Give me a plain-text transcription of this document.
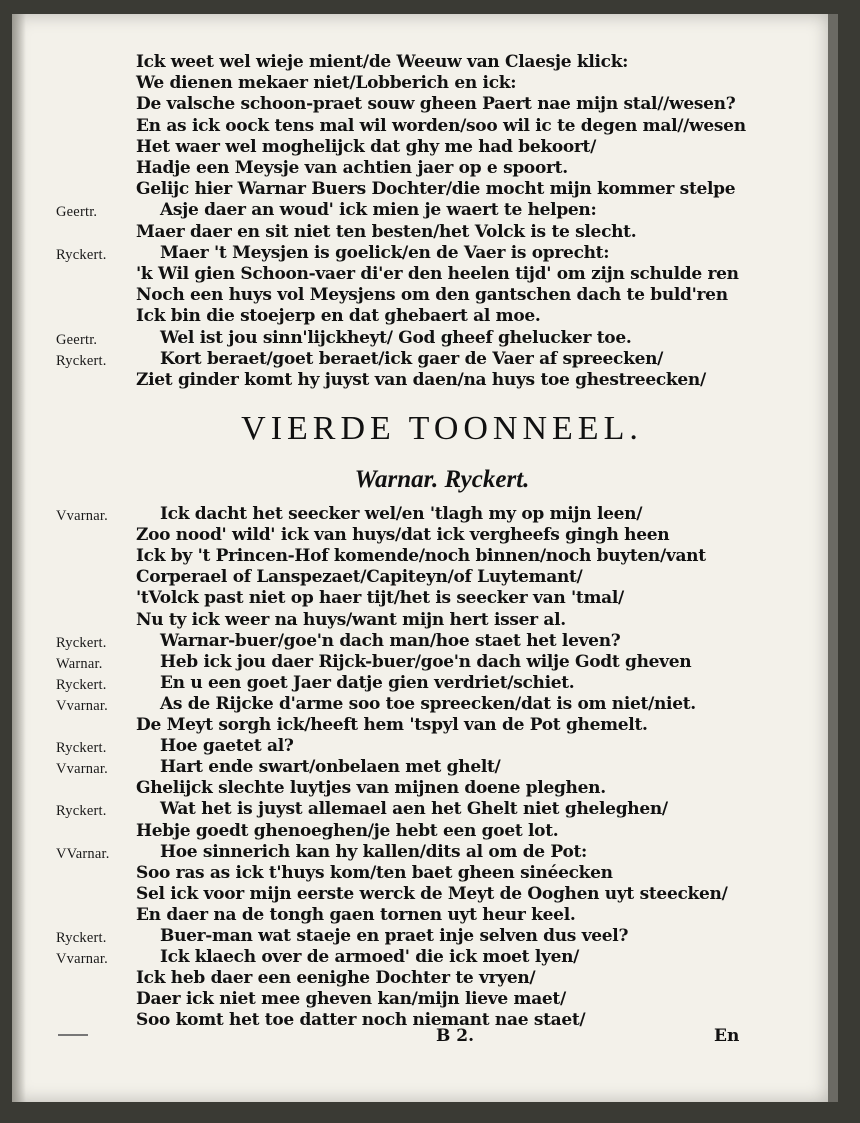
Ick weet wel wieje mient/de Weeuw van Claesje klick:
We dienen mekaer niet/Lobberich en ick:
De valsche schoon-praet souw gheen Paert nae mijn stal//wesen?
En as ick oock tens mal wil worden/soo wil ic te degen mal//wesen
Het waer wel moghelijck dat ghy me had bekoort/
Hadje een Meysje van achtien jaer op e spoort.
Gelijc hier Warnar Buers Dochter/die mocht mijn kommer stelpe
Geertr.	Asje daer an woud' ick mien je waert te helpen:
Maer daer en sit niet ten besten/het Volck is te slecht.
Ryckert.	Maer 't Meysjen is goelick/en de Vaer is oprecht:
'k Wil gien Schoon-vaer di'er den heelen tijd' om zijn schulde ren
Noch een huys vol Meysjens om den gantschen dach te buld'ren
Ick bin die stoejerp en dat ghebaert al moe.
Geertr.	Wel ist jou sinn'lijckheyt/ God gheef ghelucker toe.
Ryckert.	Kort beraet/goet beraet/ick gaer de Vaer af spreecken/
Ziet ginder komt hy juyst van daen/na huys toe ghestreecken/
VIERDE TOONNEEL.
Warnar. Ryckert.
Vvarnar.	Ick dacht het seecker wel/en 'tlagh my op mijn leen/
Zoo nood' wild' ick van huys/dat ick vergheefs gingh heen
Ick by 't Princen-Hof komende/noch binnen/noch buyten/vant
Corperael of Lanspezaet/Capiteyn/of Luytemant/
'tVolck past niet op haer tijt/het is seecker van 'tmal/
Nu ty ick weer na huys/want mijn hert isser al.
Ryckert.	Warnar-buer/goe'n dach man/hoe staet het leven?
Warnar.	Heb ick jou daer Rijck-buer/goe'n dach wilje Godt gheven
Ryckert.	En u een goet Jaer datje gien verdriet/schiet.
Vvarnar.	As de Rijcke d'arme soo toe spreecken/dat is om niet/niet.
De Meyt sorgh ick/heeft hem 'tspyl van de Pot ghemelt.
Ryckert.	Hoe gaetet al?
Vvarnar.	Hart ende swart/onbelaen met ghelt/
Ghelijck slechte luytjes van mijnen doene pleghen.
Ryckert.	Wat het is juyst allemael aen het Ghelt niet gheleghen/
Hebje goedt ghenoeghen/je hebt een goet lot.
VVarnar.	Hoe sinnerich kan hy kallen/dits al om de Pot:
Soo ras as ick t'huys kom/ten baet gheen sinéecken
Sel ick voor mijn eerste werck de Meyt de Ooghen uyt steecken/
En daer na de tongh gaen tornen uyt heur keel.
Ryckert.	Buer-man wat staeje en praet inje selven dus veel?
Vvarnar.	Ick klaech over de armoed' die ick moet lyen/
Ick heb daer een eenighe Dochter te vryen/
Daer ick niet mee gheven kan/mijn lieve maet/
Soo komt het toe datter noch niemant nae staet/
B 2.	En
